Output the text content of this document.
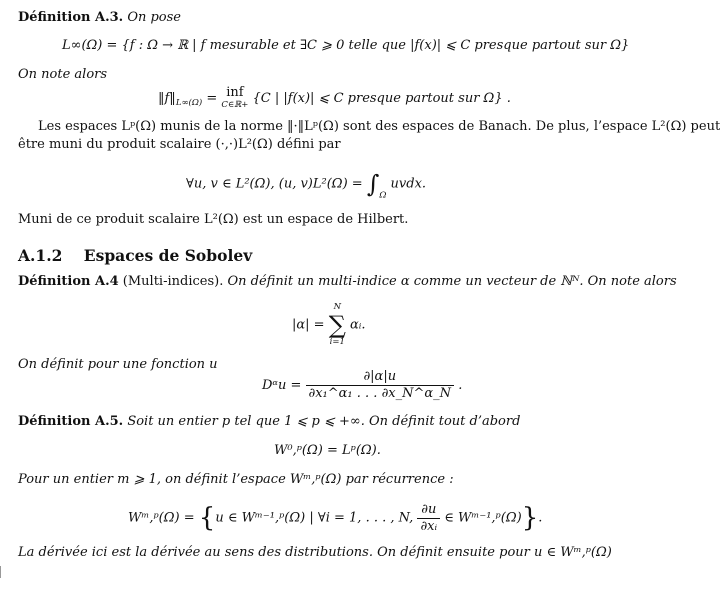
Définition A.3. On pose
L∞(Ω) = {f : Ω → ℝ | f mesurable et ∃C ⩾ 0 telle que |f(x)| ⩽ C presque partout sur Ω}
On note alors
$‖f‖_{L\infty(\Omega)}$ = inf
C∈ℝ+ {C | |f(x)| ⩽ C presque partout sur Ω} .
Les espaces Lᵖ(Ω) munis de la norme ‖·‖Lᵖ(Ω) sont des espaces de Banach. De plus, l’espace L²(Ω) peut
être muni du produit scalaire (·,·)L²(Ω) défini par
∀u, v ∈ L²(Ω), (u, $v)L^2(\Omega) = \int_\Omega$ uvdx.
Muni de ce produit scalaire L²(Ω) est un espace de Hilbert.
A.1.2 Espaces de Sobolev
Définition A.4 (Multi-indices). On définit un multi-indice α comme un vecteur de ℕᴺ. On note alors
|α| =
N
∑
i=1
αᵢ.
On définit pour une fonction u
Dᵅu = $\frac{\partial|\alpha|u}{\text{∂x₁\textasciicircum{}α₁ . . . ∂x\_N\textasciicircum{}α\_N}}$ .
Définition A.5. Soit un entier p tel que 1 ⩽ p ⩽ +∞. On définit tout d’abord
W⁰,ᵖ(Ω) = Lᵖ(Ω).
Pour un entier m ⩾ 1, on définit l’espace Wᵐ,ᵖ(Ω) par récurrence :
Wᵐ,ᵖ(Ω) = {u ∈ Wᵐ⁻¹,ᵖ(Ω) | ∀i = 1, . . . , N, $\frac{\partial u}{\text{∂xᵢ}}$ ∈ Wᵐ⁻¹,ᵖ(Ω)}.
La dérivée ici est la dérivée au sens des distributions. On définit ensuite pour u ∈ Wᵐ,ᵖ(Ω)
